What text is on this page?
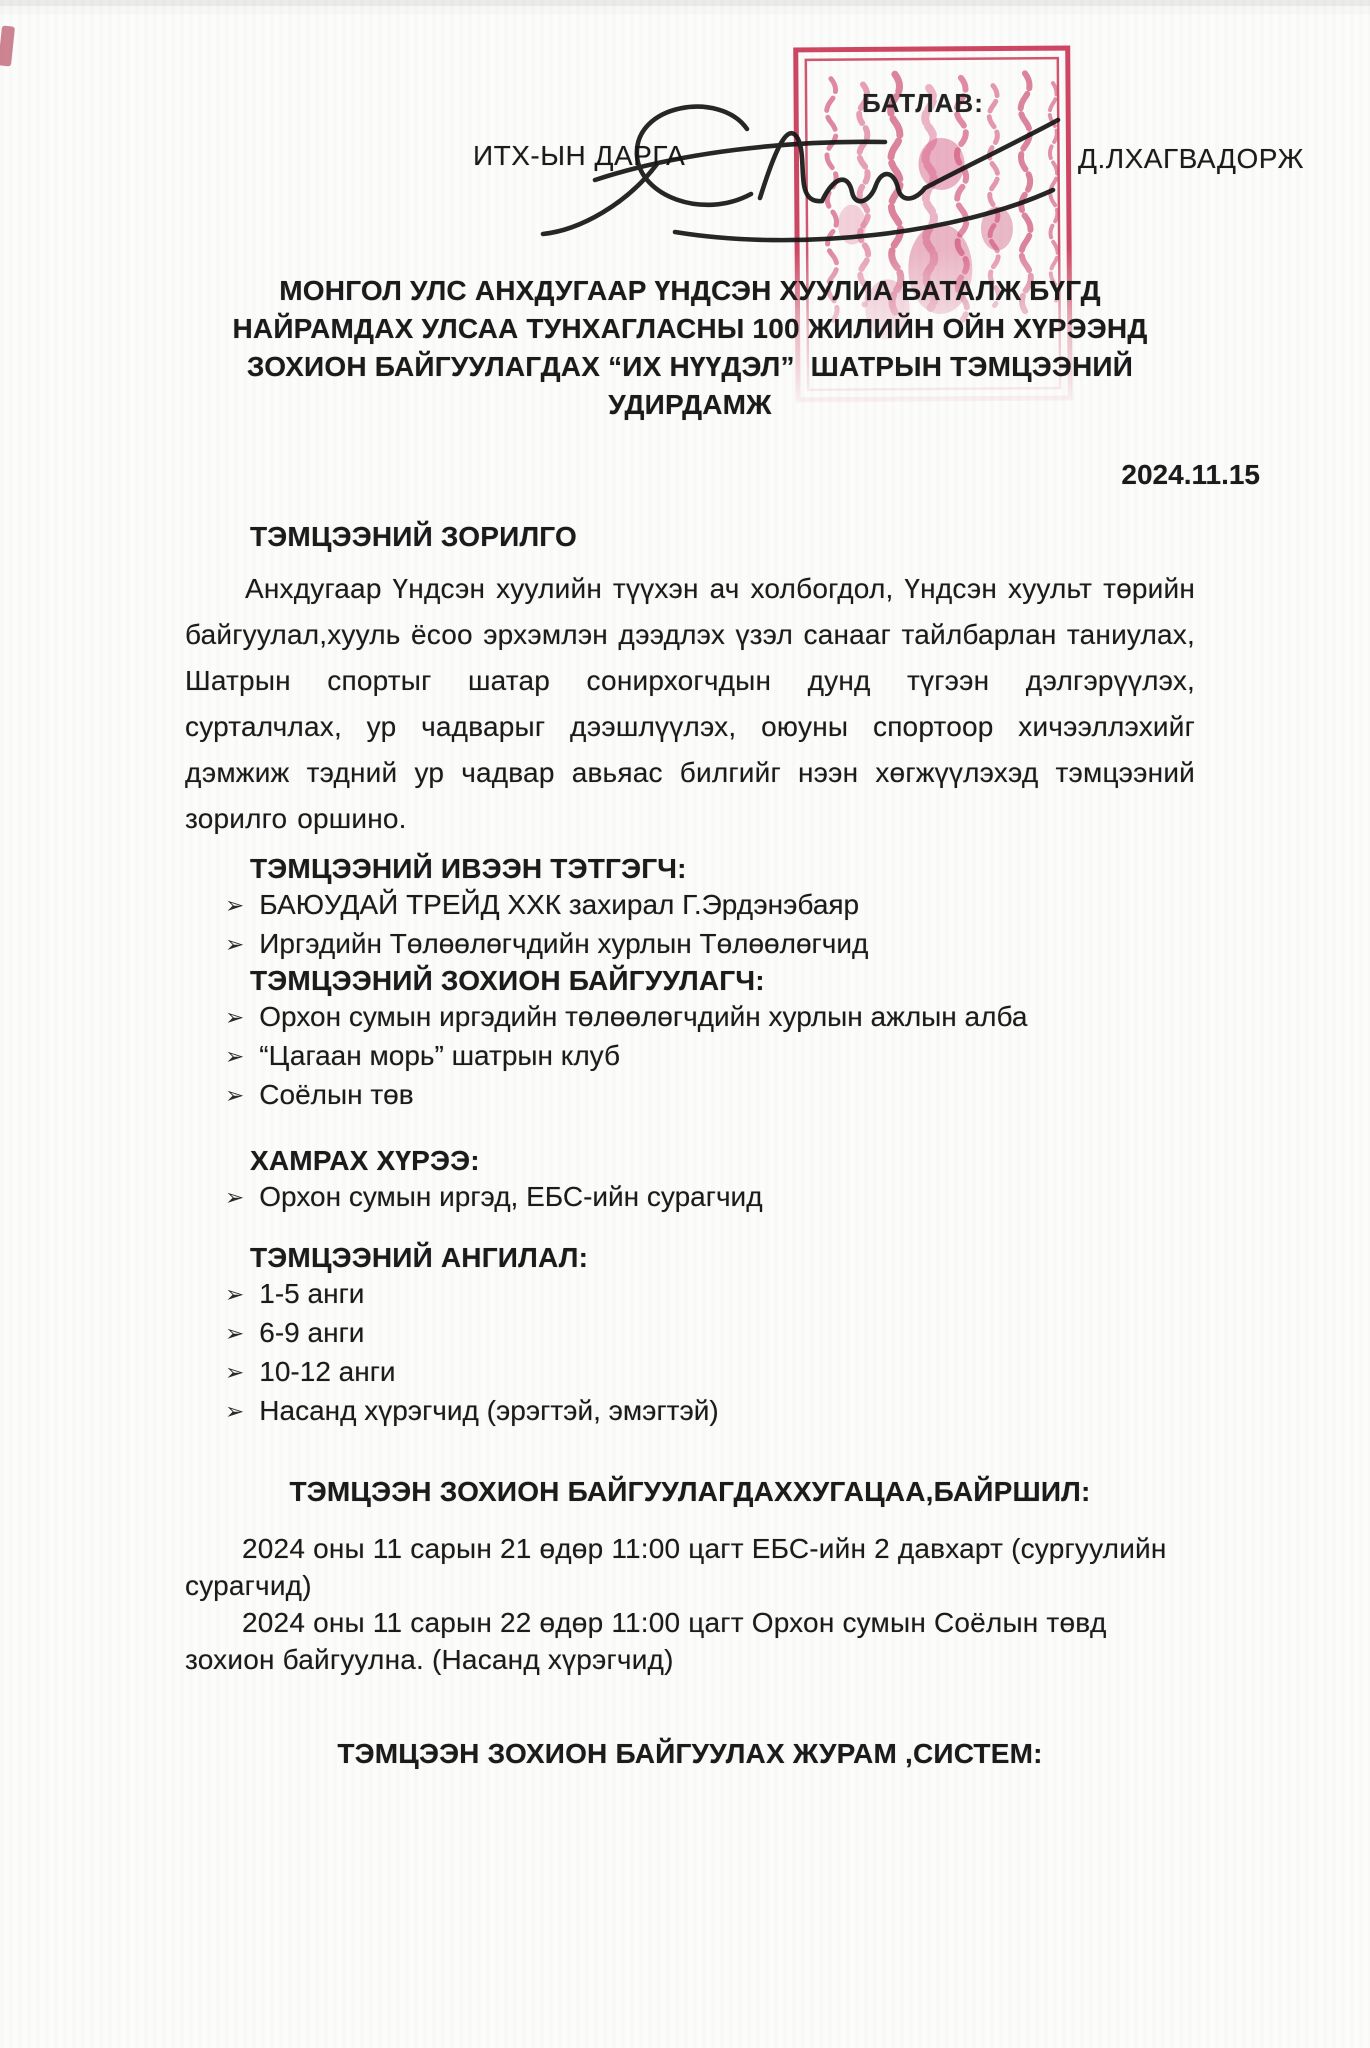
БАТЛАВ:
ИТХ-ЫН ДАРГА	Д.ЛХАГВАДОРЖ
МОНГОЛ УЛС АНХДУГААР ҮНДСЭН ХУУЛИА БАТАЛЖ БҮГД
НАЙРАМДАХ УЛСАА ТУНХАГЛАСНЫ 100 ЖИЛИЙН ОЙН ХҮРЭЭНД
ЗОХИОН БАЙГУУЛАГДАХ “ИХ НҮҮДЭЛ”  ШАТРЫН ТЭМЦЭЭНИЙ УДИРДАМЖ
2024.11.15
ТЭМЦЭЭНИЙ ЗОРИЛГО
Анхдугаар Үндсэн хуулийн түүхэн ач холбогдол, Үндсэн хуульт төрийн байгуулал,хууль ёсоо эрхэмлэн дээдлэх үзэл санааг тайлбарлан таниулах, Шатрын спортыг шатар сонирхогчдын дунд түгээн дэлгэрүүлэх, сурталчлах, ур чадварыг дээшлүүлэх, оюуны спортоор хичээллэхийг дэмжиж тэдний ур чадвар авьяас билгийг нээн хөгжүүлэхэд тэмцээний зорилго оршино.
ТЭМЦЭЭНИЙ ИВЭЭН ТЭТГЭГЧ:
➢ БАЮУДАЙ ТРЕЙД ХХК захирал Г.Эрдэнэбаяр
➢ Иргэдийн Төлөөлөгчдийн хурлын Төлөөлөгчид
ТЭМЦЭЭНИЙ ЗОХИОН БАЙГУУЛАГЧ:
➢ Орхон сумын иргэдийн төлөөлөгчдийн хурлын ажлын алба
➢ “Цагаан морь” шатрын клуб
➢ Соёлын төв
ХАМРАХ ХҮРЭЭ:
➢ Орхон сумын иргэд, ЕБС-ийн сурагчид
ТЭМЦЭЭНИЙ АНГИЛАЛ:
➢ 1-5 анги
➢ 6-9 анги
➢ 10-12 анги
➢ Насанд хүрэгчид (эрэгтэй, эмэгтэй)
ТЭМЦЭЭН ЗОХИОН БАЙГУУЛАГДАХХУГАЦАА,БАЙРШИЛ:
2024 оны 11 сарын 21 өдөр 11:00 цагт ЕБС-ийн 2 давхарт (сургуулийн сурагчид)
2024 оны 11 сарын 22 өдөр 11:00 цагт Орхон сумын Соёлын төвд зохион байгуулна. (Насанд хүрэгчид)
ТЭМЦЭЭН ЗОХИОН БАЙГУУЛАХ ЖУРАМ ,СИСТЕМ:
